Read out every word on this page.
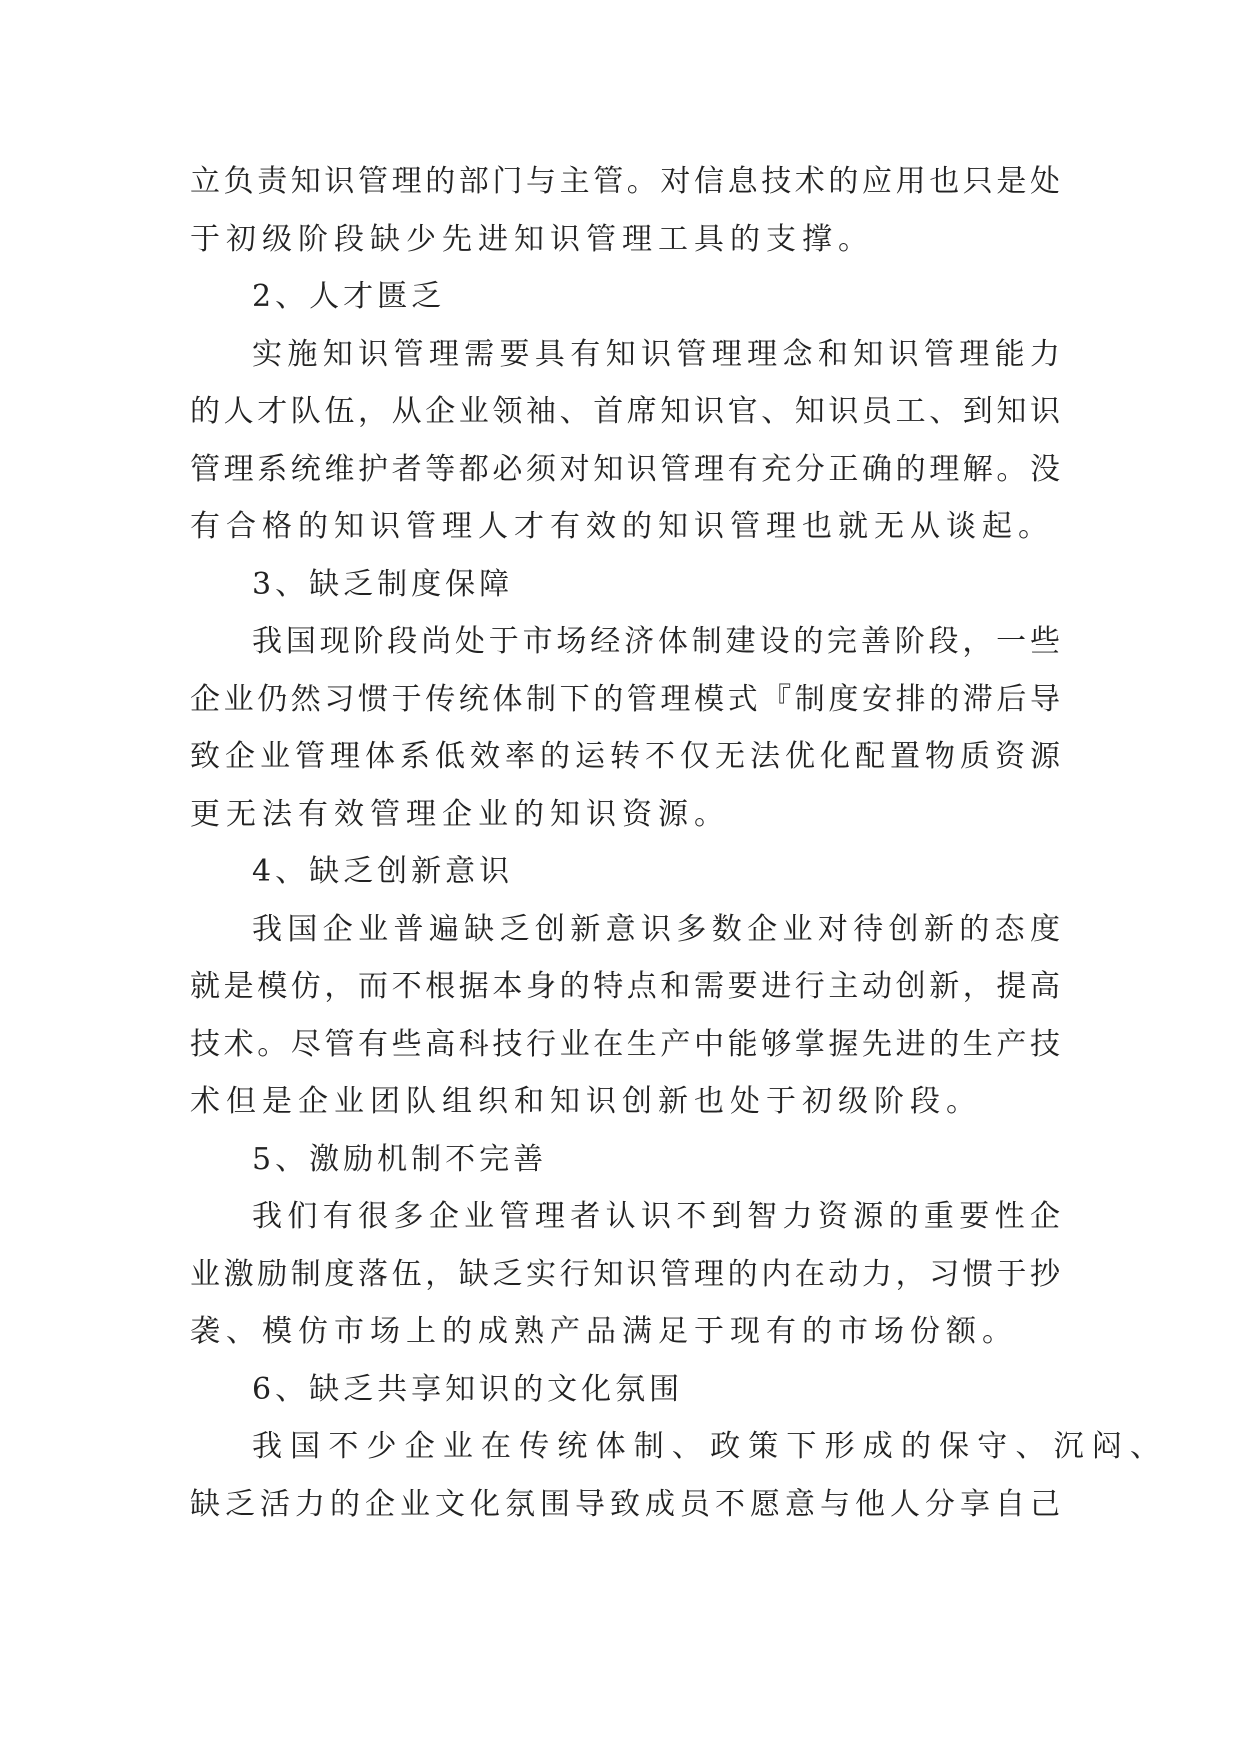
立负责知识管理的部门与主管。对信息技术的应用也只是处
于初级阶段缺少先进知识管理工具的支撑。
2、人才匮乏
实施知识管理需要具有知识管理理念和知识管理能力
的人才队伍，从企业领袖、首席知识官、知识员工、到知识
管理系统维护者等都必须对知识管理有充分正确的理解。没
有合格的知识管理人才有效的知识管理也就无从谈起。
3、缺乏制度保障
我国现阶段尚处于市场经济体制建设的完善阶段，一些
企业仍然习惯于传统体制下的管理模式『制度安排的滞后导
致企业管理体系低效率的运转不仅无法优化配置物质资源
更无法有效管理企业的知识资源。
4、缺乏创新意识
我国企业普遍缺乏创新意识多数企业对待创新的态度
就是模仿，而不根据本身的特点和需要进行主动创新，提高
技术。尽管有些高科技行业在生产中能够掌握先进的生产技
术但是企业团队组织和知识创新也处于初级阶段。
5、激励机制不完善
我们有很多企业管理者认识不到智力资源的重要性企
业激励制度落伍，缺乏实行知识管理的内在动力，习惯于抄
袭、模仿市场上的成熟产品满足于现有的市场份额。
6、缺乏共享知识的文化氛围
我国不少企业在传统体制、政策下形成的保守、沉闷、
缺乏活力的企业文化氛围导致成员不愿意与他人分享自己
